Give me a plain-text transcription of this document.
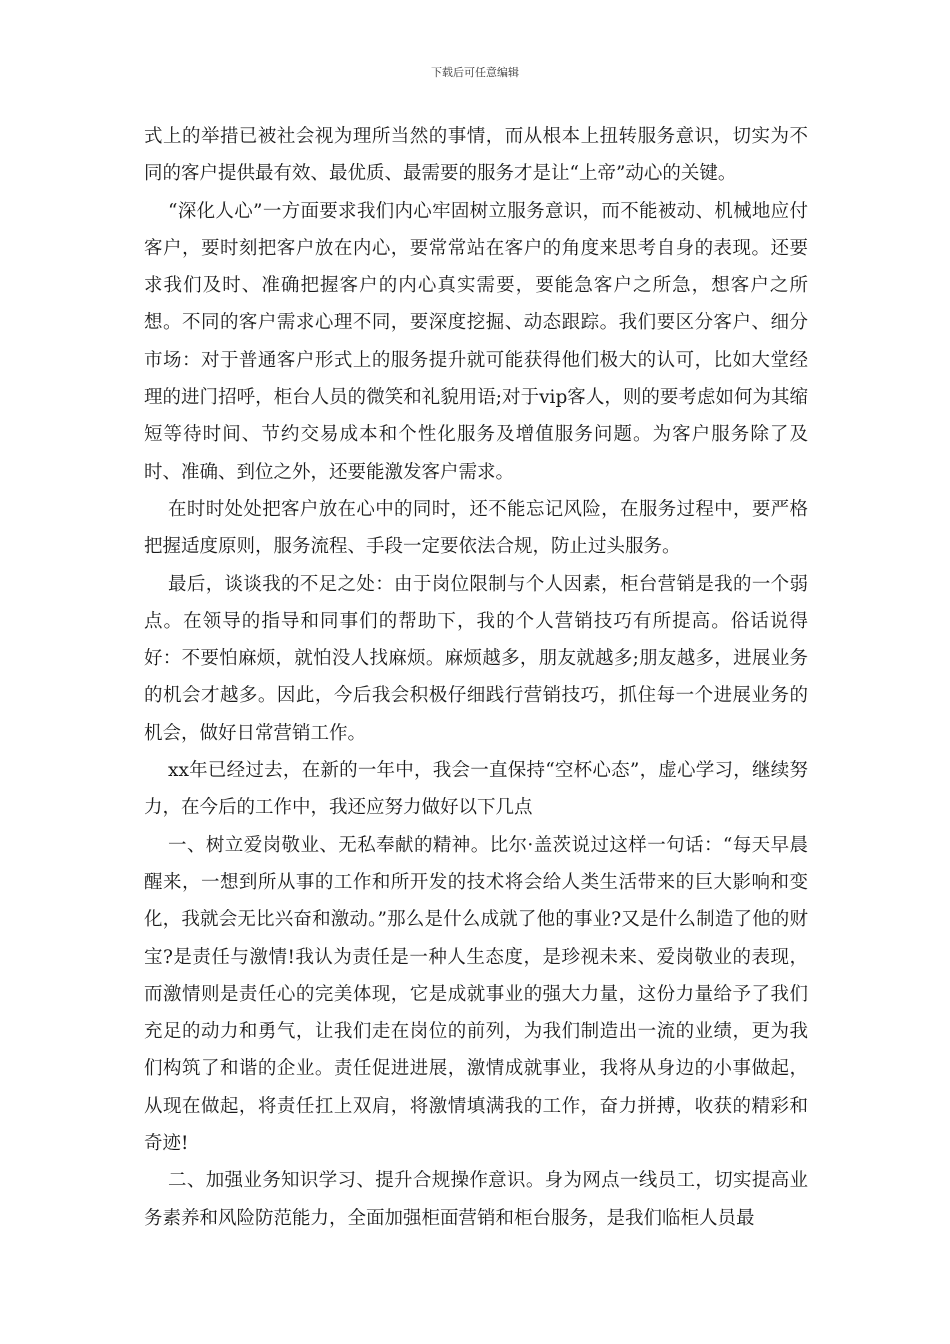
下载后可任意编辑

式上的举措已被社会视为理所当然的事情，而从根本上扭转服务意识，切实为不同的客户提供最有效、最优质、最需要的服务才是让“上帝”动心的关键。

“深化人心”一方面要求我们内心牢固树立服务意识，而不能被动、机械地应付客户，要时刻把客户放在内心，要常常站在客户的角度来思考自身的表现。还要求我们及时、准确把握客户的内心真实需要，要能急客户之所急，想客户之所想。不同的客户需求心理不同，要深度挖掘、动态跟踪。我们要区分客户、细分市场：对于普通客户形式上的服务提升就可能获得他们极大的认可，比如大堂经理的进门招呼，柜台人员的微笑和礼貌用语;对于vip客人，则的要考虑如何为其缩短等待时间、节约交易成本和个性化服务及增值服务问题。为客户服务除了及时、准确、到位之外，还要能激发客户需求。

在时时处处把客户放在心中的同时，还不能忘记风险，在服务过程中，要严格把握适度原则，服务流程、手段一定要依法合规，防止过头服务。

最后，谈谈我的不足之处：由于岗位限制与个人因素，柜台营销是我的一个弱点。在领导的指导和同事们的帮助下，我的个人营销技巧有所提高。俗话说得好：不要怕麻烦，就怕没人找麻烦。麻烦越多，朋友就越多;朋友越多，进展业务的机会才越多。因此，今后我会积极仔细践行营销技巧，抓住每一个进展业务的机会，做好日常营销工作。

xx年已经过去，在新的一年中，我会一直保持“空杯心态”，虚心学习，继续努力，在今后的工作中，我还应努力做好以下几点

一、树立爱岗敬业、无私奉献的精神。比尔·盖茨说过这样一句话：“每天早晨醒来，一想到所从事的工作和所开发的技术将会给人类生活带来的巨大影响和变化，我就会无比兴奋和激动。”那么是什么成就了他的事业?又是什么制造了他的财宝?是责任与激情!我认为责任是一种人生态度，是珍视未来、爱岗敬业的表现，而激情则是责任心的完美体现，它是成就事业的强大力量，这份力量给予了我们充足的动力和勇气，让我们走在岗位的前列，为我们制造出一流的业绩，更为我们构筑了和谐的企业。责任促进进展，激情成就事业，我将从身边的小事做起，从现在做起，将责任扛上双肩，将激情填满我的工作，奋力拼搏，收获的精彩和奇迹!

二、加强业务知识学习、提升合规操作意识。身为网点一线员工，切实提高业务素养和风险防范能力，全面加强柜面营销和柜台服务，是我们临柜人员最
